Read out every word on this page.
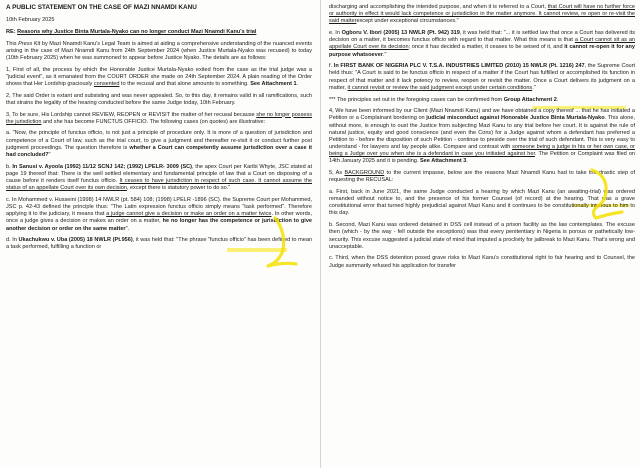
A PUBLIC STATEMENT ON THE CASE OF MAZI NNAMDI KANU

10th February 2025

RE: Reasons why Justice Binta Murtala-Nyako can no longer conduct Mazi Nnamdi Kanu's trial

This Press Kit by Mazi Nnamdi Kanu's Legal Team is aimed at aiding a comprehensive understanding of the nuanced events arising in the case of Mazi Nnamdi Kanu from 24th September 2024 (when Justice Murtala-Nyako was recused) to today (10th February 2025) when he was summoned to appear before Justice Nyako. The details are as follows:

1, First of all, the process by which the Honorable Justice Murtala-Nyako exited from the case as the trial judge was a "judicial event", as it emanated from the COURT ORDER she made on 24th September 2024. A plain reading of the Order shows that Her Lordship graciously consented to the recusal and that alone amounts to something. See Attachment 1.

2, The said Order is extant and subsisting and was never appealed. So, to this day, it remains valid in all ramifications, such that strains the legality of the hearing conducted before the same Judge today, 10th February.

3, To be sure, His Lordship cannot REVIEW, REOPEN or REVISIT the matter of her recusal because she no longer possess the jurisdiction and she has become FUNCTUS OFFICIO. The following cases (on quotes) are illustrative:

a. "Now, the principle of functus officio, is not just a principle of procedure only. It is more of a question of jurisdiction and competence of a Court of law, such as the trial court, to give a judgment and thereafter re-visit it or conduct further post judgment proceedings. The question therefore is whether a Court can competently assume jurisdiction over a case it had concluded?"

b. In Sanusi v. Ayoola (1992) 11/12 SCNJ 142; (1992) LPELR- 3009 (SC), the apex Court per Karibi Whyte, JSC stated at page 19 thereof that: There is the well settled elementary and fundamental principle of law that a Court on disposing of a cause before it renders itself functus officio. It ceases to have jurisdiction in respect of such case. It cannot assume the status of an appellate Court over its own decision, except there is statutory power to do so."

c. In Mohammed v. Husseini (1998) 14 NWLR (pt. 584) 108; (1998) LPELR -1896 (SC). the Supreme Court per Mohammed, JSC p. 42-43 defined the principle thus: "The Latin expression functus officio simply means "task performed". Therefore applying it to the judiciary, it means that a judge cannot give a decision or make an order on a matter twice. In other words, once a judge gives a decision or makes an order on a matter, he no longer has the competence or jurisdiction to give another decision or order on the same matter".

d. In Ukachukwu v. Uba (2005) 18 NWLR (Pt.956), it was held that: "The phrase "functus officio" has been defined to mean a task performed, fulfilling a function or

discharging and accomplishing the intended purpose, and when it is referred to a Court, that Court will have no further force or authority in effect it would lack competence or jurisdiction in the matter anymore. It cannot review, re open or re-visit the said matterexcept under exceptional circumstances."

e. In Ogboru V. Ibori (2005) 13 NWLR (Pt. 942) 319, it was held that: "... it is settled law that once a Court has delivered its decision on a matter, it becomes functus officio with regard to that matter. What this means is that a Court cannot sit as an appellate Court over its decision; once it has decided a matter, it ceases to be seised of it, and it cannot re-open it for any purpose whatsoever."

f. In FIRST BANK OF NIGERIA PLC V. T.S.A. INDUSTRIES LIMITED (2010) 15 NWLR (Pt. 1216) 247, the Supreme Court held thus: "A Court is said to be functus officio in respect of a matter if the Court has fulfilled or accomplished its function in respect of that matter and it lack potency to review, reopen or revisit the matter. Once a Court delivers its judgment on a matter, it cannot revisit or review the said judgment except under certain conditions."

*** The principles set out in the foregoing cases can be confirmed from Group Attachment 2.

4, We have been informed by our Client (Mazi Nnamdi Kanu) and we have obtained a copy thereof ... that he has initiated a Petition or a Complainant bordering on judicial misconduct against Honorable Justice Binta Murtala-Nyako. This alone, without more, is enough to oust the Justice from subjecting Mazi Kanu to any trial before her court. It is against the rule of natural justice, equity and good conscience (and even the Cons) for a Judge against whom a defendant has preferred a Petition to - before the disposition of such Petition - continue to preside over the trial of such defendant. This is very easy to understand - for lawyers and lay people alike. Compare and contrast with someone being a judge in his or her own case, or being a Judge over you when she is a defendant in case you initiated against her. The Petition or Complaint was filed on 14th January 2025 and it is pending. See Attachment 3.

5, As BACKGROUND to the current impasse, below are the reasons Mazi Nnamdi Kanu had to take the drastic step of requesting the RECUSAL:

a. First, back in June 2021, the same Judge conducted a hearing by which Mazi Kanu (an awaiting-trial) was ordered remanded without notice to, and the presence of his former Counsel (of record) at the hearing. That was a grave constitutional error that turned highly prejudicial against Mazi Kanu and it continues to be constitutionally injurious to him to this day.

b. Second, Mazi Kanu was ordered detained in DSS cell instead of a prison facility as the law contemplates. The excuse then (which - by the way - fell outside the exceptions) was that every penitentiary in Nigeria is porous or pathetically low-security. This excuse suggested a judicial state of mind that imputed a proclivity for jailbreak to Mazi Kanu. That's wrong and unacceptable.

c. Third, when the DSS detention posed grave risks to Mazi Kanu's constitutional right to fair hearing and to Counsel, the Judge summarily refused his application for transfer
